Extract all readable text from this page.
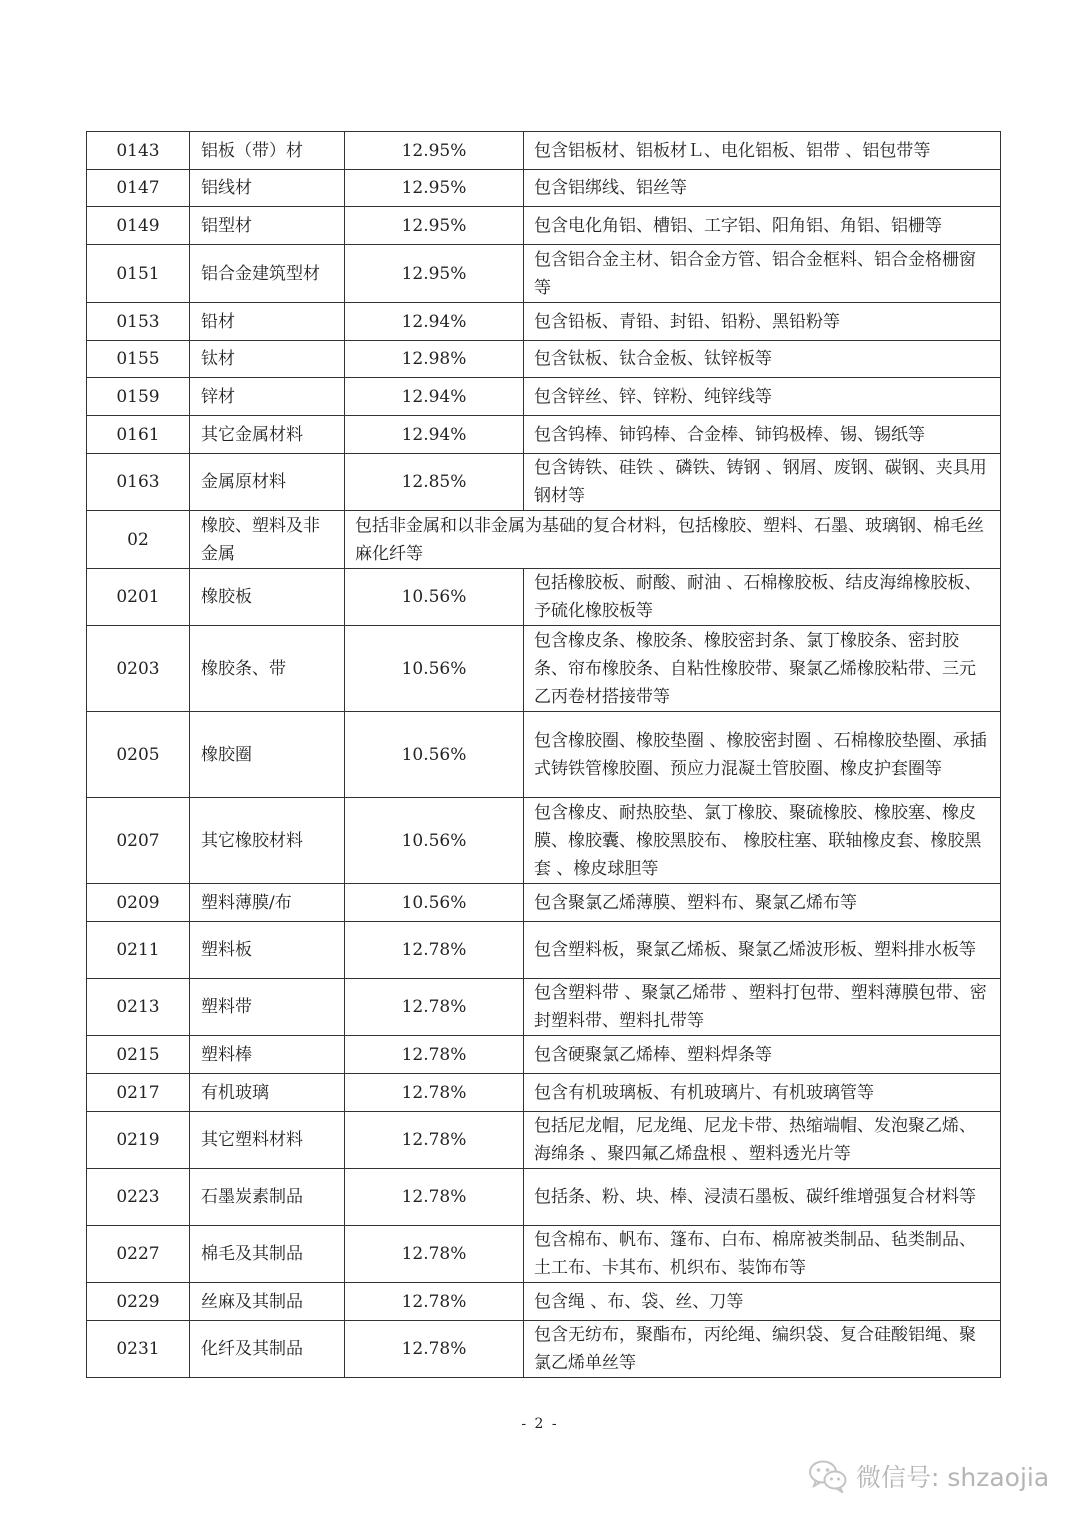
0143	铝板（带）材	12.95%	包含铝板材、铝板材Ｌ、电化铝板、铝带 、铝包带等
0147	铝线材	12.95%	包含铝绑线、铝丝等
0149	铝型材	12.95%	包含电化角铝、槽铝、工字铝、阳角铝、角铝、铝栅等
0151	铝合金建筑型材	12.95%	包含铝合金主材、铝合金方管、铝合金框料、铝合金格栅窗等
0153	铅材	12.94%	包含铅板、青铅、封铅、铅粉、黑铅粉等
0155	钛材	12.98%	包含钛板、钛合金板、钛锌板等
0159	锌材	12.94%	包含锌丝、锌、锌粉、纯锌线等
0161	其它金属材料	12.94%	包含钨棒、铈钨棒、合金棒、铈钨极棒、锡、锡纸等
0163	金属原材料	12.85%	包含铸铁、硅铁 、磷铁、铸钢 、钢屑、废钢、碳钢、夹具用钢材等
02	橡胶、塑料及非金属	包括非金属和以非金属为基础的复合材料，包括橡胶、塑料、石墨、玻璃钢、棉毛丝麻化纤等	
0201	橡胶板	10.56%	包括橡胶板、耐酸、耐油 、石棉橡胶板、结皮海绵橡胶板、予硫化橡胶板等
0203	橡胶条、带	10.56%	包含橡皮条、橡胶条、橡胶密封条、氯丁橡胶条、密封胶条、帘布橡胶条、自粘性橡胶带、聚氯乙烯橡胶粘带、三元乙丙卷材搭接带等
0205	橡胶圈	10.56%	包含橡胶圈、橡胶垫圈 、橡胶密封圈 、石棉橡胶垫圈、承插式铸铁管橡胶圈、预应力混凝土管胶圈、橡皮护套圈等
0207	其它橡胶材料	10.56%	包含橡皮、耐热胶垫、氯丁橡胶、聚硫橡胶、橡胶塞、橡皮膜、橡胶囊、橡胶黑胶布、 橡胶柱塞、联轴橡皮套、橡胶黑套 、橡皮球胆等
0209	塑料薄膜/布	10.56%	包含聚氯乙烯薄膜、塑料布、聚氯乙烯布等
0211	塑料板	12.78%	包含塑料板，聚氯乙烯板、聚氯乙烯波形板、塑料排水板等
0213	塑料带	12.78%	包含塑料带 、聚氯乙烯带 、塑料打包带、塑料薄膜包带、密封塑料带、塑料扎带等
0215	塑料棒	12.78%	包含硬聚氯乙烯棒、塑料焊条等
0217	有机玻璃	12.78%	包含有机玻璃板、有机玻璃片、有机玻璃管等
0219	其它塑料材料	12.78%	包括尼龙帽，尼龙绳、尼龙卡带、热缩端帽、发泡聚乙烯、海绵条 、聚四氟乙烯盘根 、塑料透光片等
0223	石墨炭素制品	12.78%	包括条、粉、块、棒、浸渍石墨板、碳纤维增强复合材料等
0227	棉毛及其制品	12.78%	包含棉布、帆布、篷布、白布、棉席被类制品、毡类制品、土工布、卡其布、机织布、装饰布等
0229	丝麻及其制品	12.78%	包含绳 、布、袋、丝、刀等
0231	化纤及其制品	12.78%	包含无纺布，聚酯布，丙纶绳、编织袋、复合硅酸铝绳、聚氯乙烯单丝等
- 2 -
微信号: shzaojia
